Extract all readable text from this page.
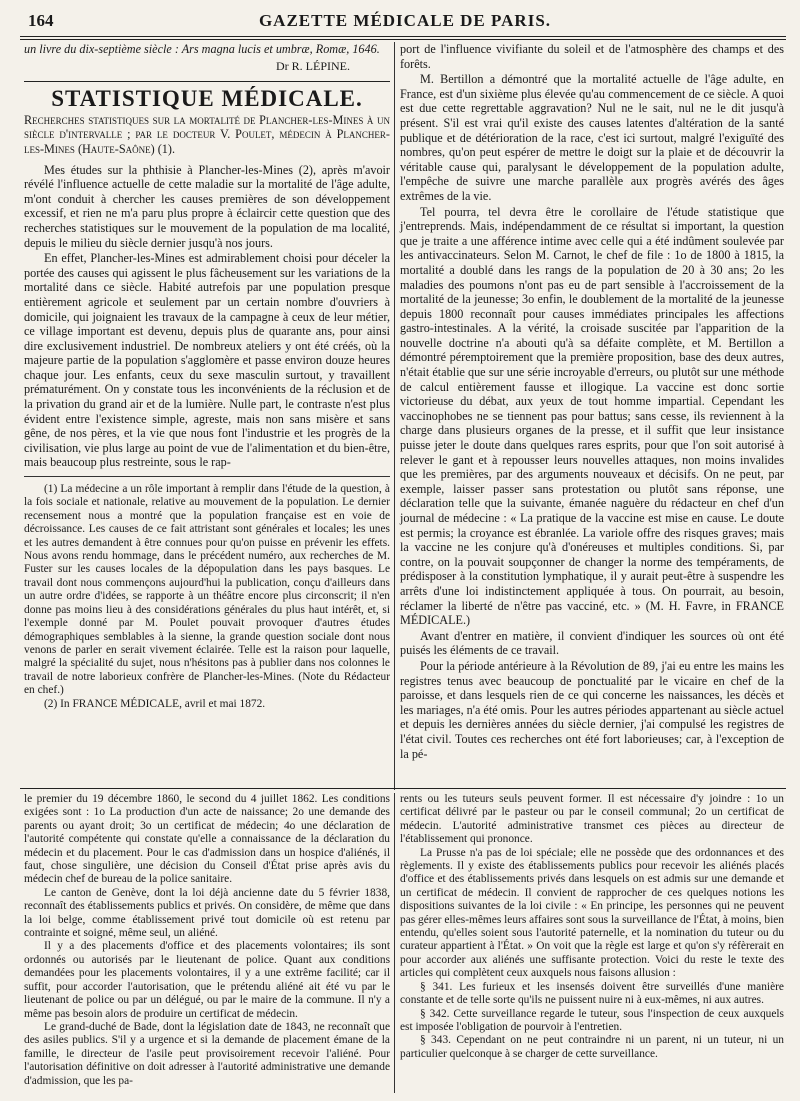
164	GAZETTE MÉDICALE DE PARIS.

un livre du dix-septième siècle : Ars magna lucis et umbræ, Romæ, 1646.

Dr R. LÉPINE.

STATISTIQUE MÉDICALE.

Recherches statistiques sur la mortalité de Plancher-les-Mines à un siècle d'intervalle ; par le docteur V. Poulet, médecin à Plancher-les-Mines (Haute-Saône) (1).

Mes études sur la phthisie à Plancher-les-Mines (2), après m'avoir révélé l'influence actuelle de cette maladie sur la mortalité de l'âge adulte, m'ont conduit à chercher les causes premières de son développement excessif, et rien ne m'a paru plus propre à éclaircir cette question que des recherches statistiques sur le mouvement de la population de ma localité, depuis le milieu du siècle dernier jusqu'à nos jours.

En effet, Plancher-les-Mines est admirablement choisi pour déceler la portée des causes qui agissent le plus fâcheusement sur les variations de la mortalité dans ce siècle. Habité autrefois par une population presque entièrement agricole et seulement par un certain nombre d'ouvriers à domicile, qui joignaient les travaux de la campagne à ceux de leur métier, ce village important est devenu, depuis plus de quarante ans, pour ainsi dire exclusivement industriel. De nombreux ateliers y ont été créés, où la majeure partie de la population s'agglomère et passe environ douze heures chaque jour. Les enfants, ceux du sexe masculin surtout, y travaillent prématurément. On y constate tous les inconvénients de la réclusion et de la privation du grand air et de la lumière. Nulle part, le contraste n'est plus évident entre l'existence simple, agreste, mais non sans misère et sans gêne, de nos pères, et la vie que nous font l'industrie et les progrès de la civilisation, vie plus large au point de vue de l'alimentation et du bien-être, mais beaucoup plus restreinte, sous le rap-

(1) La médecine a un rôle important à remplir dans l'étude de la question, à la fois sociale et nationale, relative au mouvement de la population. Le dernier recensement nous a montré que la population française est en voie de décroissance. Les causes de ce fait attristant sont générales et locales; les unes et les autres demandent à être connues pour qu'on puisse en prévenir les effets. Nous avons rendu hommage, dans le précédent numéro, aux recherches de M. Fuster sur les causes locales de la dépopulation dans les pays basques. Le travail dont nous commençons aujourd'hui la publication, conçu d'ailleurs dans un autre ordre d'idées, se rapporte à un théâtre encore plus circonscrit; il n'en donne pas moins lieu à des considérations générales du plus haut intérêt, et, si l'exemple donné par M. Poulet pouvait provoquer d'autres études démographiques semblables à la sienne, la grande question sociale dont nous venons de parler en serait vivement éclairée. Telle est la raison pour laquelle, malgré la spécialité du sujet, nous n'hésitons pas à publier dans nos colonnes le travail de notre laborieux confrère de Plancher-les-Mines. (Note du Rédacteur en chef.)

(2) In FRANCE MÉDICALE, avril et mai 1872.

port de l'influence vivifiante du soleil et de l'atmosphère des champs et des forêts.

M. Bertillon a démontré que la mortalité actuelle de l'âge adulte, en France, est d'un sixième plus élevée qu'au commencement de ce siècle. A quoi est due cette regrettable aggravation? Nul ne le sait, nul ne le dit jusqu'à présent. S'il est vrai qu'il existe des causes latentes d'altération de la santé publique et de détérioration de la race, c'est ici surtout, malgré l'exiguïté des nombres, qu'on peut espérer de mettre le doigt sur la plaie et de découvrir la véritable cause qui, paralysant le développement de la population adulte, l'empêche de suivre une marche parallèle aux progrès avérés des âges extrêmes de la vie.

Tel pourra, tel devra être le corollaire de l'étude statistique que j'entreprends. Mais, indépendamment de ce résultat si important, la question que je traite a une afférence intime avec celle qui a été indûment soulevée par les antivaccinateurs. Selon M. Carnot, le chef de file : 1o de 1800 à 1815, la mortalité a doublé dans les rangs de la population de 20 à 30 ans; 2o les maladies des poumons n'ont pas eu de part sensible à l'accroissement de la mortalité de la jeunesse; 3o enfin, le doublement de la mortalité de la jeunesse depuis 1800 reconnaît pour causes immédiates principales les affections gastro-intestinales. A la vérité, la croisade suscitée par l'apparition de la nouvelle doctrine n'a abouti qu'à sa défaite complète, et M. Bertillon a démontré péremptoirement que la première proposition, base des deux autres, n'était établie que sur une série incroyable d'erreurs, ou plutôt sur une méthode de calcul entièrement fausse et illogique. La vaccine est donc sortie victorieuse du débat, aux yeux de tout homme impartial. Cependant les vaccinophobes ne se tiennent pas pour battus; sans cesse, ils reviennent à la charge dans plusieurs organes de la presse, et il suffit que leur insistance puisse jeter le doute dans quelques rares esprits, pour que l'on soit autorisé à relever le gant et à repousser leurs nouvelles attaques, non moins invalides que les premières, par des arguments nouveaux et décisifs. On ne peut, par exemple, laisser passer sans protestation ou plutôt sans réponse, une déclaration telle que la suivante, émanée naguère du rédacteur en chef d'un journal de médecine : « La pratique de la vaccine est mise en cause. Le doute est permis; la croyance est ébranlée. La variole offre des risques graves; mais la vaccine ne les conjure qu'à d'onéreuses et multiples conditions. Si, par contre, on la pouvait soupçonner de changer la norme des tempéraments, de prédisposer à la constitution lymphatique, il y aurait peut-être à suspendre les arrêts d'une loi indistinctement appliquée à tous. On pourrait, au besoin, réclamer la liberté de n'être pas vacciné, etc. » (M. H. Favre, in FRANCE MÉDICALE.)

Avant d'entrer en matière, il convient d'indiquer les sources où ont été puisés les éléments de ce travail.

Pour la période antérieure à la Révolution de 89, j'ai eu entre les mains les registres tenus avec beaucoup de ponctualité par le vicaire en chef de la paroisse, et dans lesquels rien de ce qui concerne les naissances, les décès et les mariages, n'a été omis. Pour les autres périodes appartenant au siècle actuel et depuis les dernières années du siècle dernier, j'ai compulsé les registres de l'état civil. Toutes ces recherches ont été fort laborieuses; car, à l'exception de la pé-

le premier du 19 décembre 1860, le second du 4 juillet 1862. Les conditions exigées sont : 1o La production d'un acte de naissance; 2o une demande des parents ou ayant droit; 3o un certificat de médecin; 4o une déclaration de l'autorité compétente qui constate qu'elle a connaissance de la déclaration du médecin et du placement. Pour le cas d'admission dans un hospice d'aliénés, il faut, chose singulière, une décision du Conseil d'État prise après avis du médecin chef de bureau de la police sanitaire.

Le canton de Genève, dont la loi déjà ancienne date du 5 février 1838, reconnaît des établissements publics et privés. On considère, de même que dans la loi belge, comme établissement privé tout domicile où est retenu par contrainte et soigné, même seul, un aliéné.

Il y a des placements d'office et des placements volontaires; ils sont ordonnés ou autorisés par le lieutenant de police. Quant aux conditions demandées pour les placements volontaires, il y a une extrême facilité; car il suffit, pour accorder l'autorisation, que le prétendu aliéné ait été vu par le lieutenant de police ou par un délégué, ou par le maire de la commune. Il n'y a même pas besoin alors de produire un certificat de médecin.

Le grand-duché de Bade, dont la législation date de 1843, ne reconnaît que des asiles publics. S'il y a urgence et si la demande de placement émane de la famille, le directeur de l'asile peut provisoirement recevoir l'aliéné. Pour l'autorisation définitive on doit adresser à l'autorité administrative une demande d'admission, que les pa-

rents ou les tuteurs seuls peuvent former. Il est nécessaire d'y joindre : 1o un certificat délivré par le pasteur ou par le conseil communal; 2o un certificat de médecin. L'autorité administrative transmet ces pièces au directeur de l'établissement qui prononce.

La Prusse n'a pas de loi spéciale; elle ne possède que des ordonnances et des règlements. Il y existe des établissements publics pour recevoir les aliénés placés d'office et des établissements privés dans lesquels on est admis sur une demande et un certificat de médecin. Il convient de rapprocher de ces quelques notions les dispositions suivantes de la loi civile : « En principe, les personnes qui ne peuvent pas gérer elles-mêmes leurs affaires sont sous la surveillance de l'État, à moins, bien entendu, qu'elles soient sous l'autorité paternelle, et la nomination du tuteur ou du curateur appartient à l'État. » On voit que la règle est large et qu'on s'y réfèrerait en pour accorder aux aliénés une suffisante protection. Voici du reste le texte des articles qui complètent ceux auxquels nous faisons allusion :

§ 341. Les furieux et les insensés doivent être surveillés d'une manière constante et de telle sorte qu'ils ne puissent nuire ni à eux-mêmes, ni aux autres.

§ 342. Cette surveillance regarde le tuteur, sous l'inspection de ceux auxquels est imposée l'obligation de pourvoir à l'entretien.

§ 343. Cependant on ne peut contraindre ni un parent, ni un tuteur, ni un particulier quelconque à se charger de cette surveillance.
